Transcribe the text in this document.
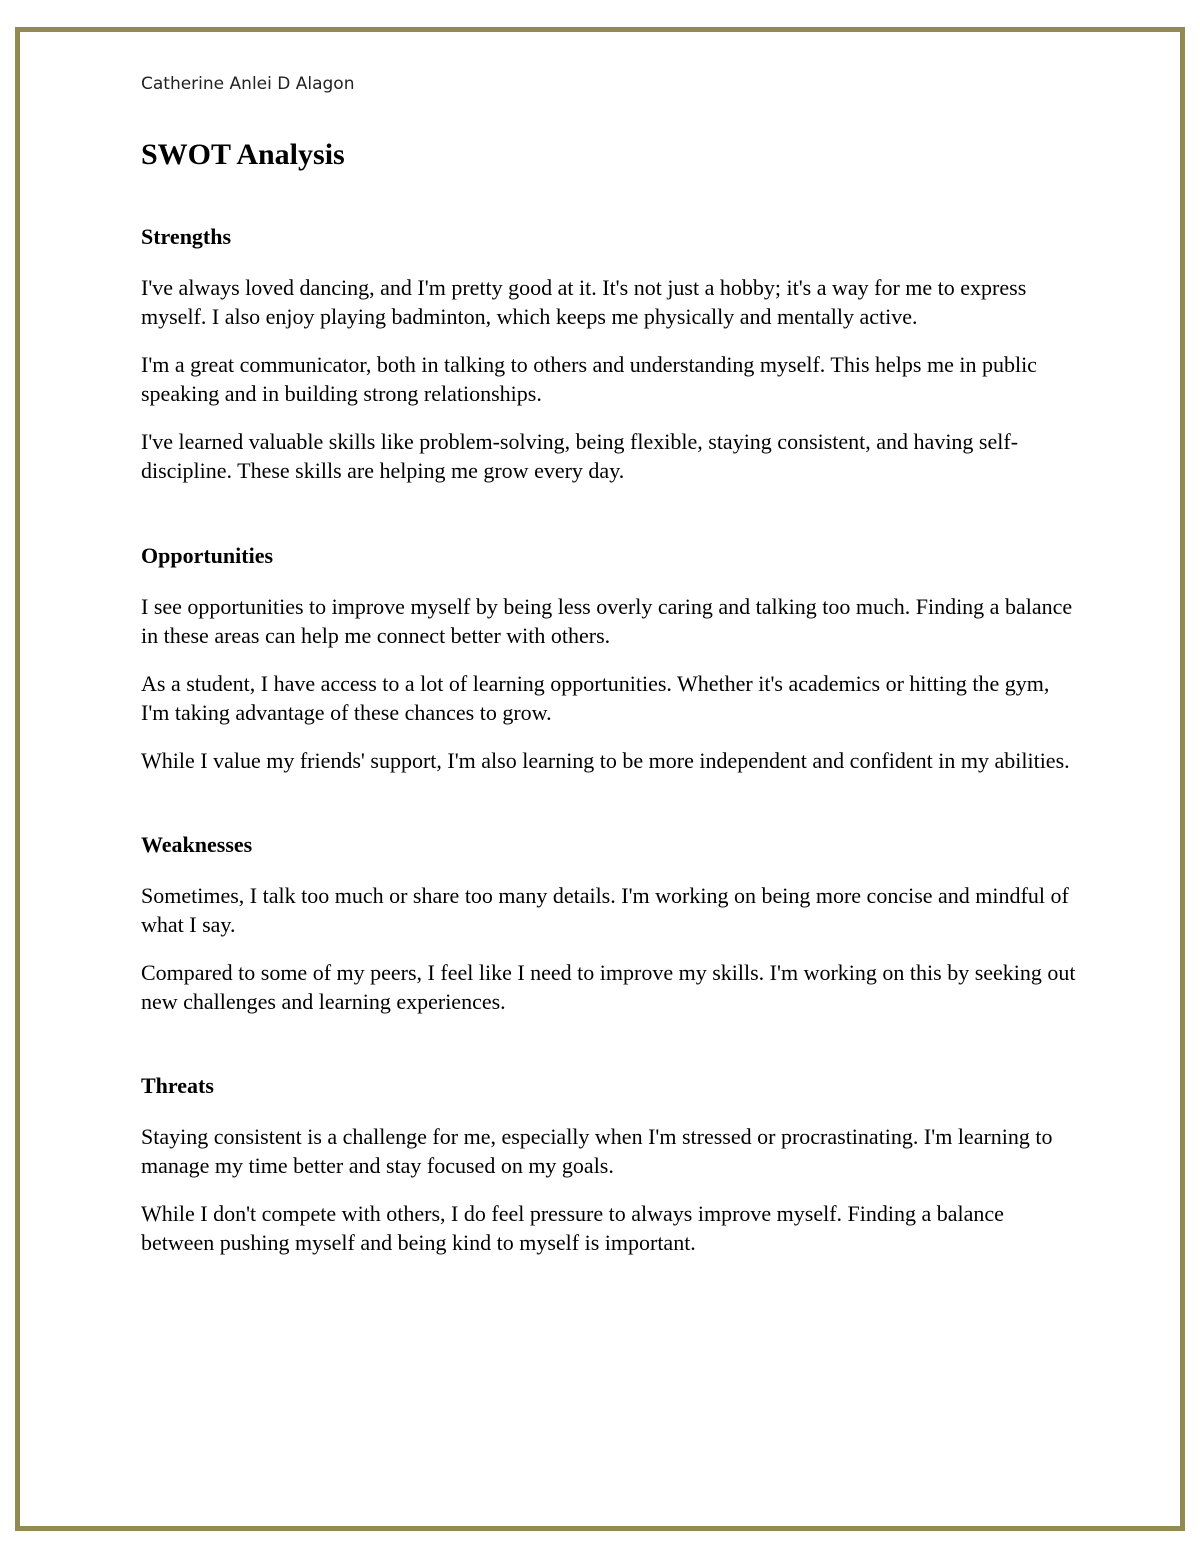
Catherine Anlei D Alagon

SWOT Analysis
Strengths

I've always loved dancing, and I'm pretty good at it. It's not just a hobby; it's a way for me to express myself. I also enjoy playing badminton, which keeps me physically and mentally active.

I'm a great communicator, both in talking to others and understanding myself. This helps me in public speaking and in building strong relationships.

I've learned valuable skills like problem-solving, being flexible, staying consistent, and having self-discipline. These skills are helping me grow every day.

Opportunities

I see opportunities to improve myself by being less overly caring and talking too much. Finding a balance in these areas can help me connect better with others.

As a student, I have access to a lot of learning opportunities. Whether it's academics or hitting the gym, I'm taking advantage of these chances to grow.

While I value my friends' support, I'm also learning to be more independent and confident in my abilities.

Weaknesses

Sometimes, I talk too much or share too many details. I'm working on being more concise and mindful of what I say.

Compared to some of my peers, I feel like I need to improve my skills. I'm working on this by seeking out new challenges and learning experiences.

Threats

Staying consistent is a challenge for me, especially when I'm stressed or procrastinating. I'm learning to manage my time better and stay focused on my goals.

While I don't compete with others, I do feel pressure to always improve myself. Finding a balance between pushing myself and being kind to myself is important.
